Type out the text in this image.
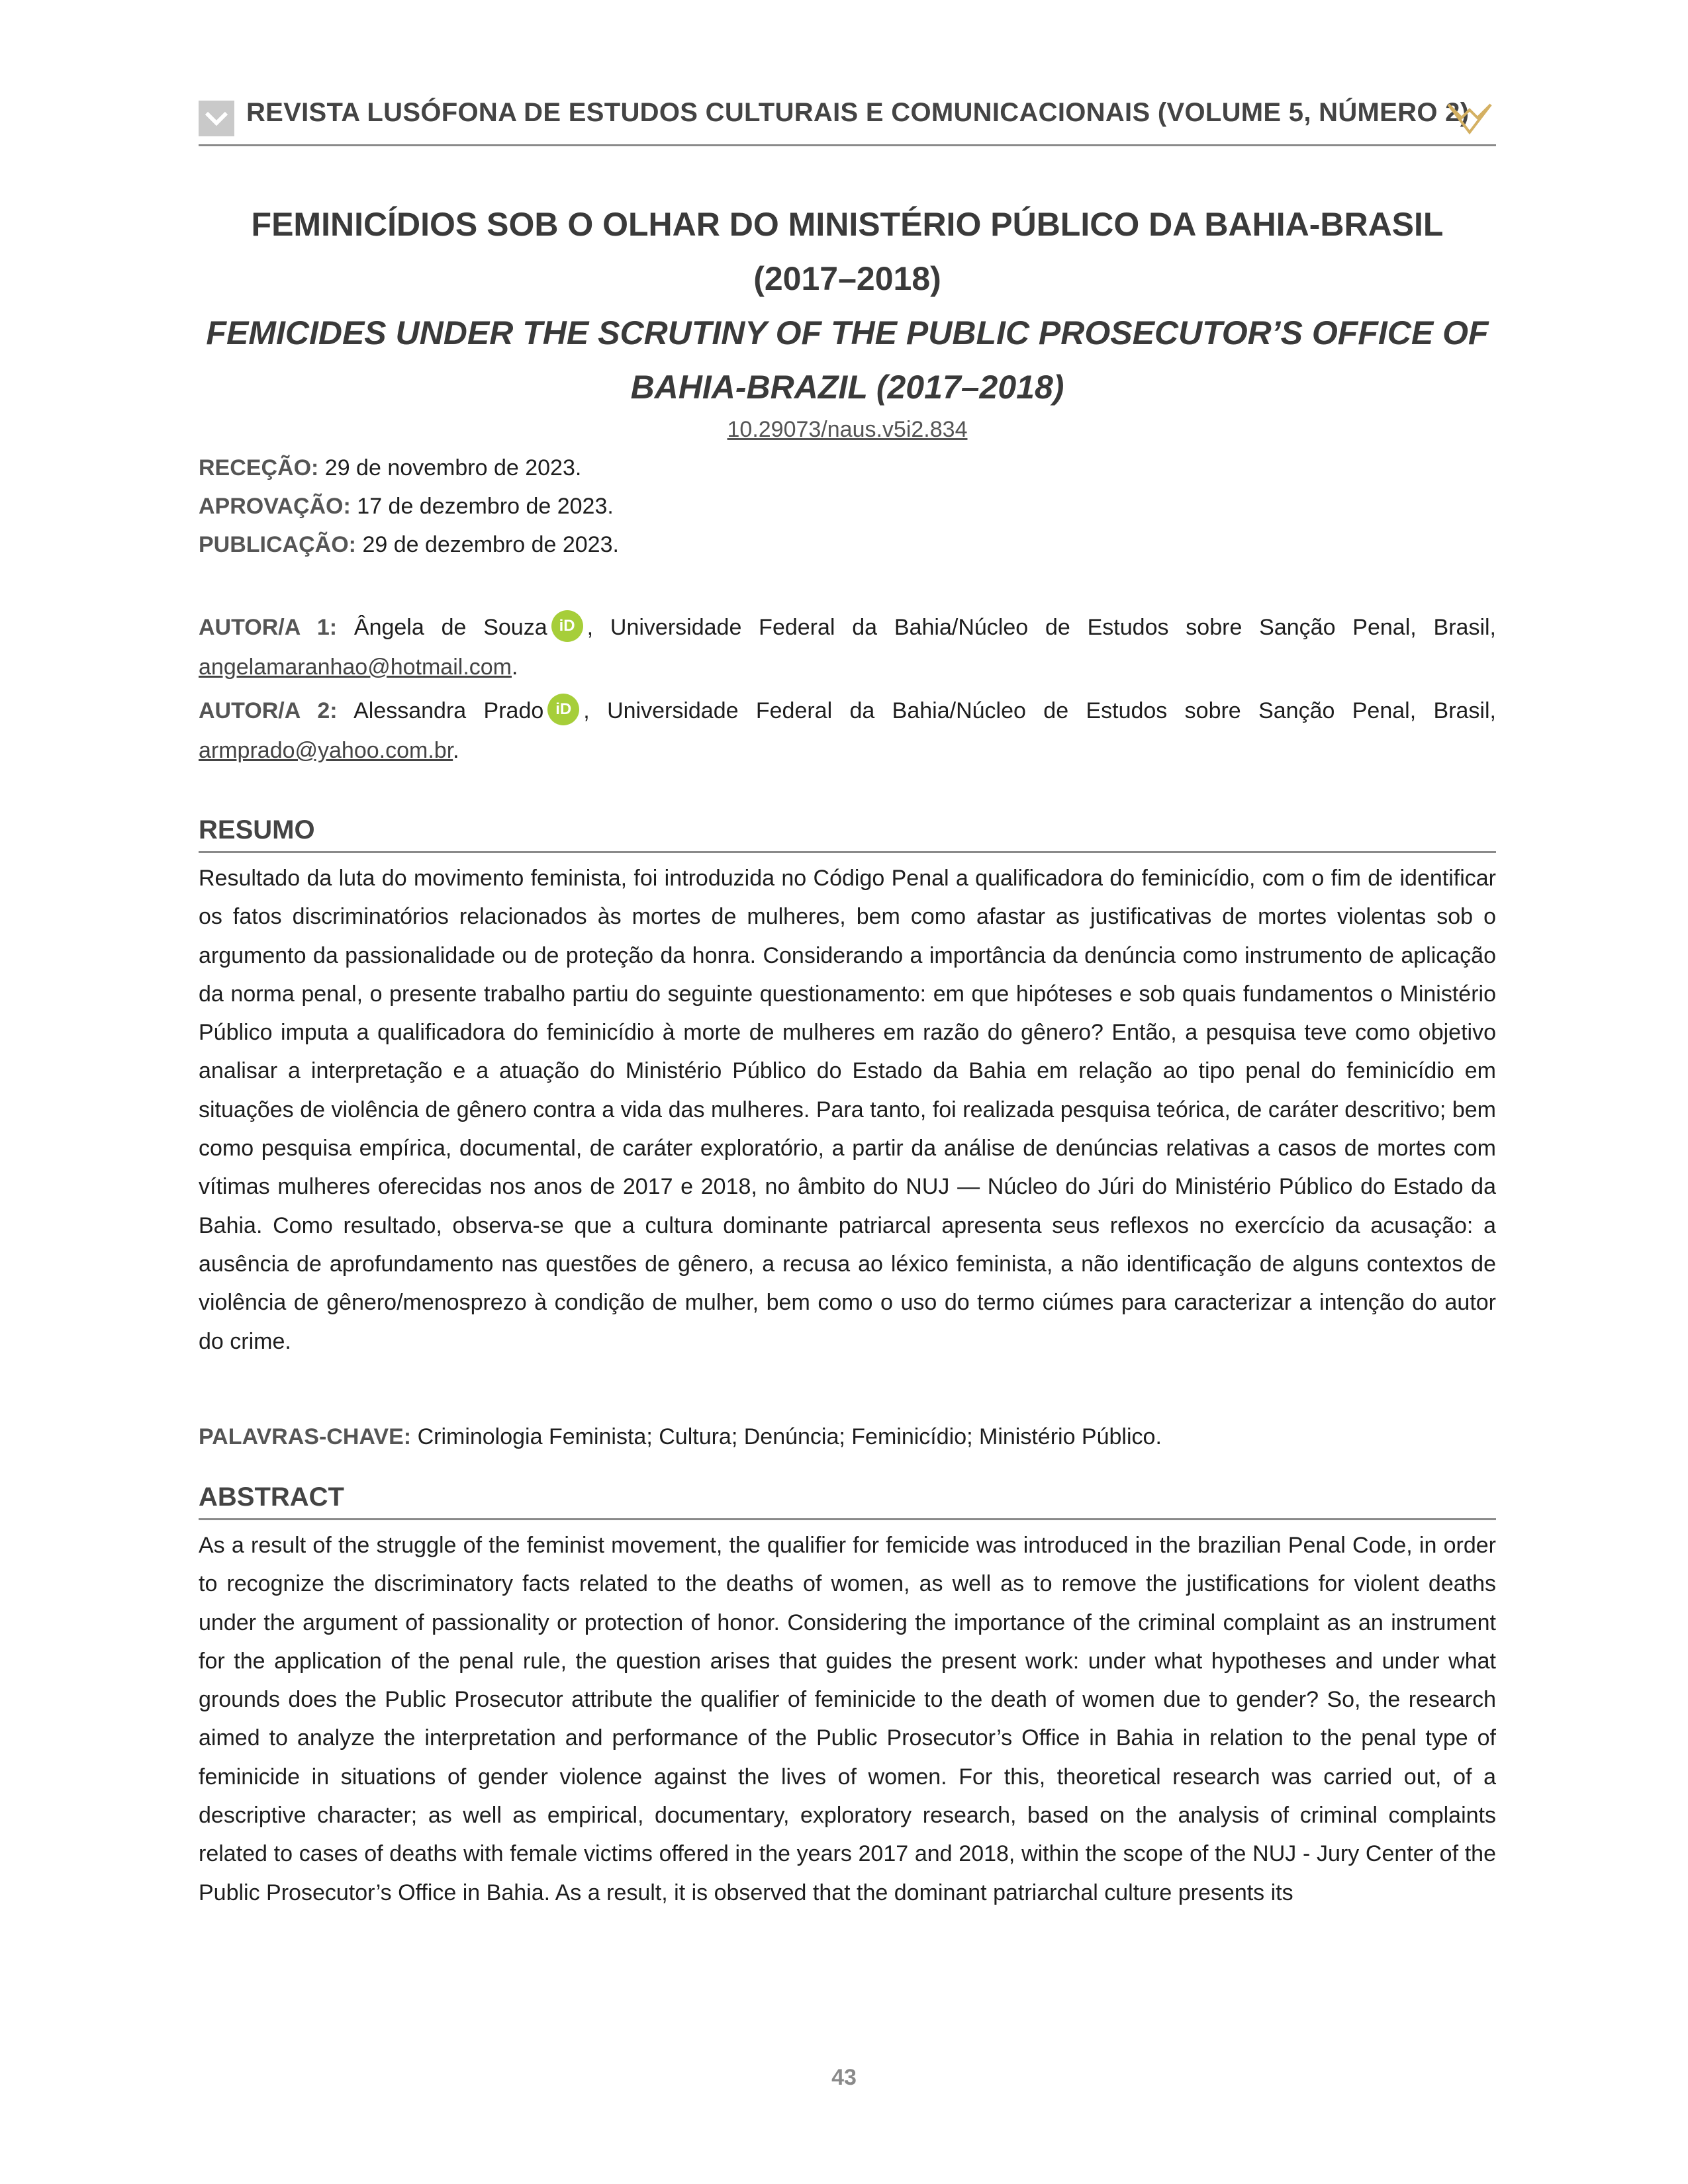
REVISTA LUSÓFONA DE ESTUDOS CULTURAIS E COMUNICACIONAIS (VOLUME 5, NÚMERO 2)
FEMINICÍDIOS SOB O OLHAR DO MINISTÉRIO PÚBLICO DA BAHIA-BRASIL (2017–2018)
FEMICIDES UNDER THE SCRUTINY OF THE PUBLIC PROSECUTOR’S OFFICE OF BAHIA-BRAZIL (2017–2018)
10.29073/naus.v5i2.834
RECEÇÃO: 29 de novembro de 2023.
APROVAÇÃO: 17 de dezembro de 2023.
PUBLICAÇÃO: 29 de dezembro de 2023.
AUTOR/A 1: Ângela de Souza iD , Universidade Federal da Bahia/Núcleo de Estudos sobre Sanção Penal, Brasil, angelamaranhao@hotmail.com.
AUTOR/A 2: Alessandra Prado iD , Universidade Federal da Bahia/Núcleo de Estudos sobre Sanção Penal, Brasil, armprado@yahoo.com.br.
RESUMO
Resultado da luta do movimento feminista, foi introduzida no Código Penal a qualificadora do feminicídio, com o fim de identificar os fatos discriminatórios relacionados às mortes de mulheres, bem como afastar as justificativas de mortes violentas sob o argumento da passionalidade ou de proteção da honra. Considerando a importância da denúncia como instrumento de aplicação da norma penal, o presente trabalho partiu do seguinte questionamento: em que hipóteses e sob quais fundamentos o Ministério Público imputa a qualificadora do feminicídio à morte de mulheres em razão do gênero? Então, a pesquisa teve como objetivo analisar a interpretação e a atuação do Ministério Público do Estado da Bahia em relação ao tipo penal do feminicídio em situações de violência de gênero contra a vida das mulheres. Para tanto, foi realizada pesquisa teórica, de caráter descritivo; bem como pesquisa empírica, documental, de caráter exploratório, a partir da análise de denúncias relativas a casos de mortes com vítimas mulheres oferecidas nos anos de 2017 e 2018, no âmbito do NUJ — Núcleo do Júri do Ministério Público do Estado da Bahia. Como resultado, observa-se que a cultura dominante patriarcal apresenta seus reflexos no exercício da acusação: a ausência de aprofundamento nas questões de gênero, a recusa ao léxico feminista, a não identificação de alguns contextos de violência de gênero/menosprezo à condição de mulher, bem como o uso do termo ciúmes para caracterizar a intenção do autor do crime.
PALAVRAS-CHAVE: Criminologia Feminista; Cultura; Denúncia; Feminicídio; Ministério Público.
ABSTRACT
As a result of the struggle of the feminist movement, the qualifier for femicide was introduced in the brazilian Penal Code, in order to recognize the discriminatory facts related to the deaths of women, as well as to remove the justifications for violent deaths under the argument of passionality or protection of honor. Considering the importance of the criminal complaint as an instrument for the application of the penal rule, the question arises that guides the present work: under what hypotheses and under what grounds does the Public Prosecutor attribute the qualifier of feminicide to the death of women due to gender? So, the research aimed to analyze the interpretation and performance of the Public Prosecutor’s Office in Bahia in relation to the penal type of feminicide in situations of gender violence against the lives of women. For this, theoretical research was carried out, of a descriptive character; as well as empirical, documentary, exploratory research, based on the analysis of criminal complaints related to cases of deaths with female victims offered in the years 2017 and 2018, within the scope of the NUJ - Jury Center of the Public Prosecutor’s Office in Bahia. As a result, it is observed that the dominant patriarchal culture presents its
43
